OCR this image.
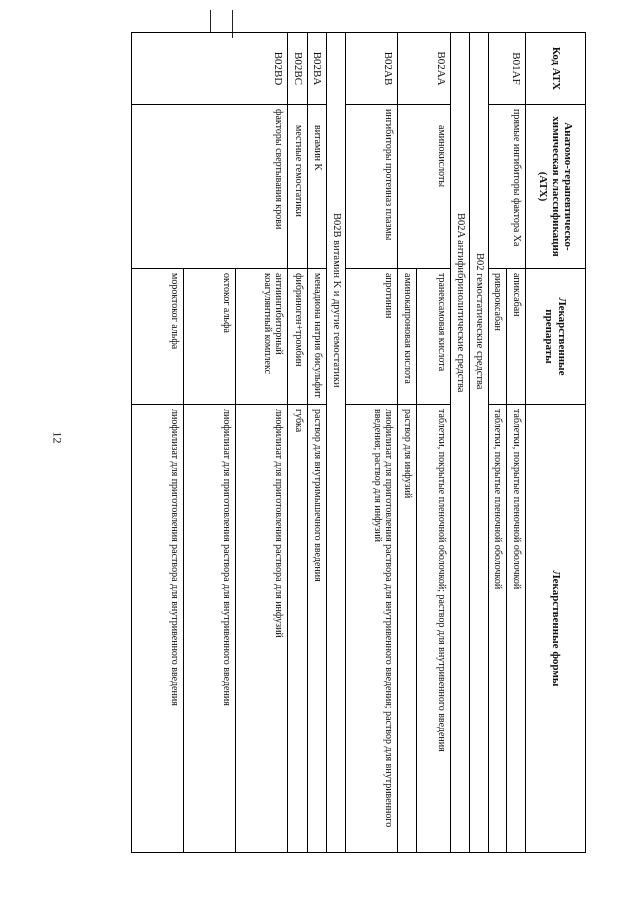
12
Код АТХ	Анатомо-терапевтическо-химическая классификация (АТХ)	Лекарственные препараты	Лекарственные формы
B01AF	прямые ингибиторы фактора Xa	апиксабан	таблетки, покрытые пленочной оболочкой
		ривароксабан	таблетки, покрытые пленочной оболочкой
B02 гемостатические средства			
B02A антифибринолитические средства			
B02AA	аминокислоты	транексамовая кислота	таблетки, покрытые пленочной оболочкой; раствор для внутривенного введения
		аминокапроновая кислота	раствор для инфузий
B02AB	ингибиторы протеиназ плазмы	апротинин	лиофилизат для приготовления раствора для внутривенного введения; раствор для внутривенного введения; раствор для инфузий
B02B витамин K и другие гемостатики			
B02BA	витамин K	менадиона натрия бисульфит	раствор для внутримышечного введения
B02BC	местные гемостатики	фибриноген+тромбин	губка
B02BD	факторы свертывания крови	антиингибиторный коагулянтный комплекс	лиофилизат для приготовления раствора для инфузий
		октоког альфа	лиофилизат для приготовления раствора для внутривенного введения
		мороктоког альфа	лиофилизат для приготовления раствора для внутривенного введения
